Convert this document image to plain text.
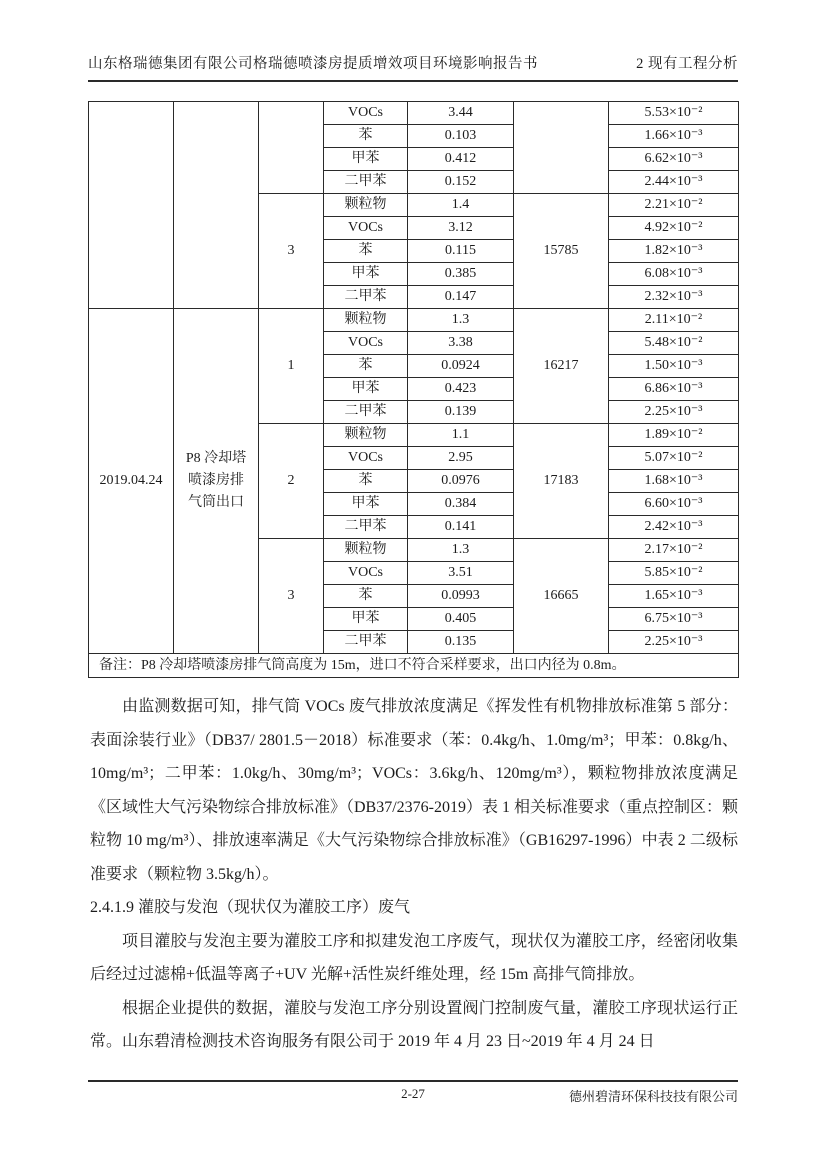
山东格瑞德集团有限公司格瑞德喷漆房提质增效项目环境影响报告书	2 现有工程分析
			VOCs	3.44		5.53×10⁻²
			苯	0.103		1.66×10⁻³
			甲苯	0.412		6.62×10⁻³
			二甲苯	0.152		2.44×10⁻³
		3	颗粒物	1.4	15785	2.21×10⁻²
			VOCs	3.12		4.92×10⁻²
			苯	0.115		1.82×10⁻³
			甲苯	0.385		6.08×10⁻³
			二甲苯	0.147		2.32×10⁻³
2019.04.24	P8 冷却塔喷漆房排气筒出口	1	颗粒物	1.3	16217	2.11×10⁻²
			VOCs	3.38		5.48×10⁻²
			苯	0.0924		1.50×10⁻³
			甲苯	0.423		6.86×10⁻³
			二甲苯	0.139		2.25×10⁻³
		2	颗粒物	1.1	17183	1.89×10⁻²
			VOCs	2.95		5.07×10⁻²
			苯	0.0976		1.68×10⁻³
			甲苯	0.384		6.60×10⁻³
			二甲苯	0.141		2.42×10⁻³
		3	颗粒物	1.3	16665	2.17×10⁻²
			VOCs	3.51		5.85×10⁻²
			苯	0.0993		1.65×10⁻³
			甲苯	0.405		6.75×10⁻³
			二甲苯	0.135		2.25×10⁻³
备注：P8 冷却塔喷漆房排气筒高度为 15m，进口不符合采样要求，出口内径为 0.8m。						

由监测数据可知，排气筒 VOCs 废气排放浓度满足《挥发性有机物排放标准第 5 部分：表面涂装行业》（DB37/ 2801.5－2018）标准要求（苯：0.4kg/h、1.0mg/m³；甲苯：0.8kg/h、10mg/m³；二甲苯：1.0kg/h、30mg/m³；VOCs：3.6kg/h、120mg/m³），颗粒物排放浓度满足《区域性大气污染物综合排放标准》（DB37/2376-2019）表 1 相关标准要求（重点控制区：颗粒物 10 mg/m³）、排放速率满足《大气污染物综合排放标准》（GB16297-1996）中表 2 二级标准要求（颗粒物 3.5kg/h）。

2.4.1.9 灌胶与发泡（现状仅为灌胶工序）废气

项目灌胶与发泡主要为灌胶工序和拟建发泡工序废气，现状仅为灌胶工序，经密闭收集后经过过滤棉+低温等离子+UV 光解+活性炭纤维处理，经 15m 高排气筒排放。

根据企业提供的数据，灌胶与发泡工序分别设置阀门控制废气量，灌胶工序现状运行正常。山东碧清检测技术咨询服务有限公司于 2019 年 4 月 23 日~2019 年 4 月 24 日

2-27	德州碧清环保科技技有限公司
